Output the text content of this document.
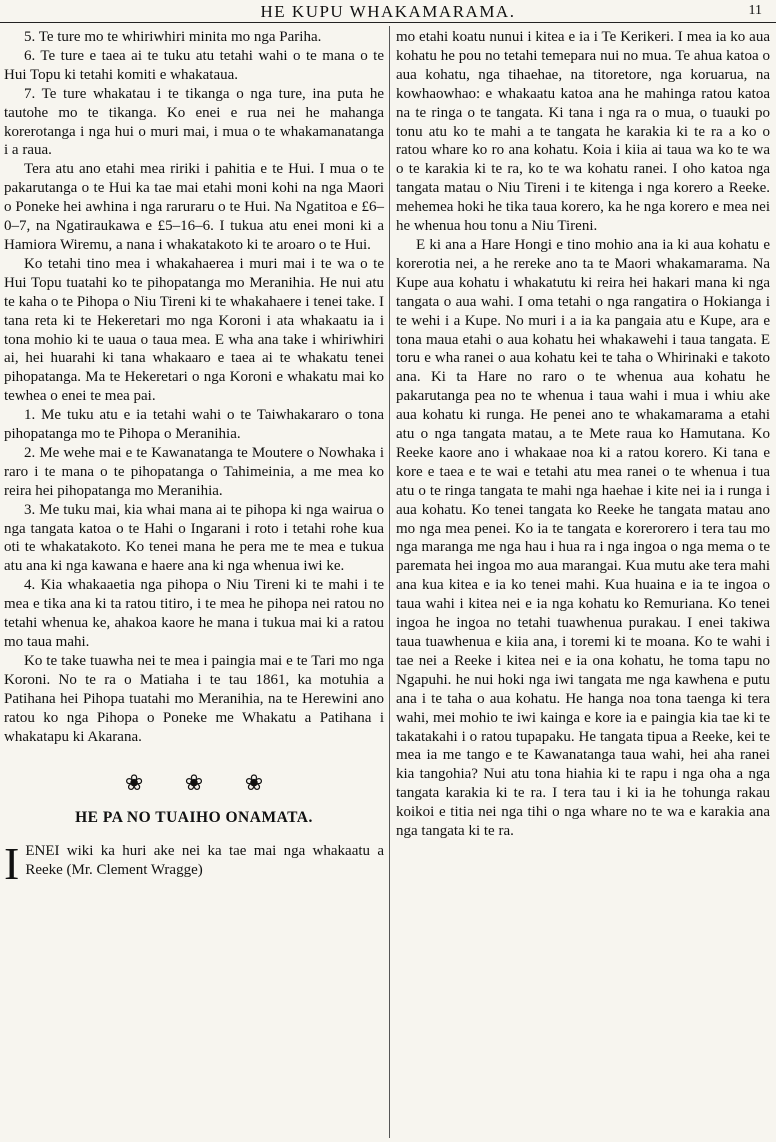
HE KUPU WHAKAMARAMA.	11

5. Te ture mo te whiriwhiri minita mo nga Pariha.

6. Te ture e taea ai te tuku atu tetahi wahi o te mana o te Hui Topu ki tetahi komiti e whakatauа.

7. Te ture whakatau i te tikanga o nga ture, ina puta he tautohe mo te tikanga. Ko enei e rua nei he mahanga korerotanga i nga hui o muri mai, i mua o te whakamanatanga i a raua.

Tera atu ano etahi mea ririki i pahitia e te Hui. I mua o te pakarutanga o te Hui ka tae mai etahi moni kohi na nga Maori o Poneke hei awhina i nga raruraru o te Hui. Na Ngatitoa e £6–0–7, na Ngatiraukawa e £5–16–6. I tukua atu enei moni ki a Hamiora Wiremu, a nana i whakatakoto ki te aroaro o te Hui.

Ko tetahi tino mea i whakahaerea i muri mai i te wa o te Hui Topu tuatahi ko te pihopatanga mo Meranihia. He nui atu te kaha o te Pihopa o Niu Tireni ki te whakahaere i tenei take. I tana reta ki te Hekeretari mo nga Koroni i ata whakaatu ia i tona mohio ki te uaua o taua mea. E wha ana take i whiriwhiri ai, hei huarahi ki tana whakaaro e taea ai te whakatu tenei pihopatanga. Ma te Hekeretari o nga Koroni e whakatu mai ko tewhea o enei te mea pai.

1. Me tuku atu e ia tetahi wahi o te Taiwhakararo o tona pihopatanga mo te Pihopa o Meranihia.

2. Me wehe mai e te Kawanatanga te Moutere o Nowhaka i raro i te mana o te pihopatanga o Tahimeinia, a me mea ko reira hei pihopatanga mo Meranihia.

3. Me tuku mai, kia whai mana ai te pihopa ki nga wairua o nga tangata katoa o te Hahi o Ingarani i roto i tetahi rohe kua oti te whakatakoto. Ko tenei mana he pera me te mea e tukua atu ana ki nga kawana e haere ana ki nga whenua iwi ke.

4. Kia whakaaetia nga pihopa o Niu Tireni ki te mahi i te mea e tika ana ki ta ratou titiro, i te mea he pihopa nei ratou no tetahi whenua ke, ahakoa kaore he mana i tukua mai ki a ratou mo taua mahi.

Ko te take tuawha nei te mea i paingia mai e te Tari mo nga Koroni. No te ra o Matiaha i te tau 1861, ka motuhia a Patihana hei Pihopa tuatahi mo Meranihia, na te Herewini ano ratou ko nga Pihopa o Poneke me Whakatu a Patihana i whakatapu ki Akarana.

❀ ❀ ❀
HE PA NO TUAIHO ONAMATA.

IENEI wiki ka huri ake nei ka tae mai nga whakaatu a Reeke (Mr. Clement Wragge)

mo etahi koatu nunui i kitea e ia i Te Kerikeri. I mea ia ko aua kohatu he pou no tetahi temepara nui no mua. Te ahua katoa o aua kohatu, nga tihaehae, na titoretore, nga koruarua, na kowhaowhao: e whakaatu katoa ana he mahinga ratou katoa na te ringa o te tangata. Ki tana i nga ra o mua, o tuauki po tonu atu ko te mahi a te tangata he karakia ki te ra a ko o ratou whare ko ro ana kohatu. Koia i kiia ai taua wa ko te wa o te karakia ki te ra, ko te wa kohatu ranei. I oho katoa nga tangata matau o Niu Tireni i te kitenga i nga korero a Reeke. mehemea hoki he tika taua korero, ka he nga korero e mea nei he whenua hou tonu a Niu Tireni.

E ki ana a Hare Hongi e tino mohio ana ia ki aua kohatu e korerotia nei, a he rereke ano ta te Maori whakamarama. Na Kupe aua kohatu i whakatutu ki reira hei hakari mana ki nga tangata o aua wahi. I oma tetahi o nga rangatira o Hokianga i te wehi i a Kupe. No muri i a ia ka pangaia atu e Kupe, ara e tona maua etahi o aua kohatu hei whakawehi i taua tangata. E toru e wha ranei o aua kohatu kei te taha o Whirinaki e takoto ana. Ki ta Hare no raro o te whenua aua kohatu he pakarutanga pea no te whenua i taua wahi i mua i whiu ake aua kohatu ki runga. He penei ano te whakamarama a etahi atu o nga tangata matau, a te Mete raua ko Hamutana. Ko Reeke kaore ano i whakaae noa ki a ratou korero. Ki tana e kore e taea e te wai e tetahi atu mea ranei o te whenua i tua atu o te ringa tangata te mahi nga haehae i kite nei ia i runga i aua kohatu. Ko tenei tangata ko Reeke he tangata matau ano mo nga mea penei. Ko ia te tangata e korerorero i tera tau mo nga maranga me nga hau i hua ra i nga ingoa o nga mema o te paremata hei ingoa mo aua marangai. Kua mutu ake tera mahi ana kua kitea e ia ko tenei mahi. Kua huaina e ia te ingoa o taua wahi i kitea nei e ia nga kohatu ko Remuriana. Ko tenei ingoa he ingoa no tetahi tuawhenua purakau. I enei takiwa taua tuawhenua e kiia ana, i toremi ki te moana. Ko te wahi i tae nei a Reeke i kitea nei e ia ona kohatu, he toma tapu no Ngapuhi. he nui hoki nga iwi tangata me nga kawhena e putu ana i te taha o aua kohatu. He hanga noa tona taenga ki tera wahi, mei mohio te iwi kainga e kore ia e paingia kia tae ki te takatakahi i o ratou tupapaku. He tangata tipua a Reeke, kei te mea ia me tango e te Kawanatanga taua wahi, hei aha ranei kia tangohia? Nui atu tona hiahia ki te rapu i nga oha a nga tangata karakia ki te ra. I tera tau i ki ia he tohunga rakau koikoi e titia nei nga tihi o nga whare no te wa e karakia ana nga tangata ki te ra.
